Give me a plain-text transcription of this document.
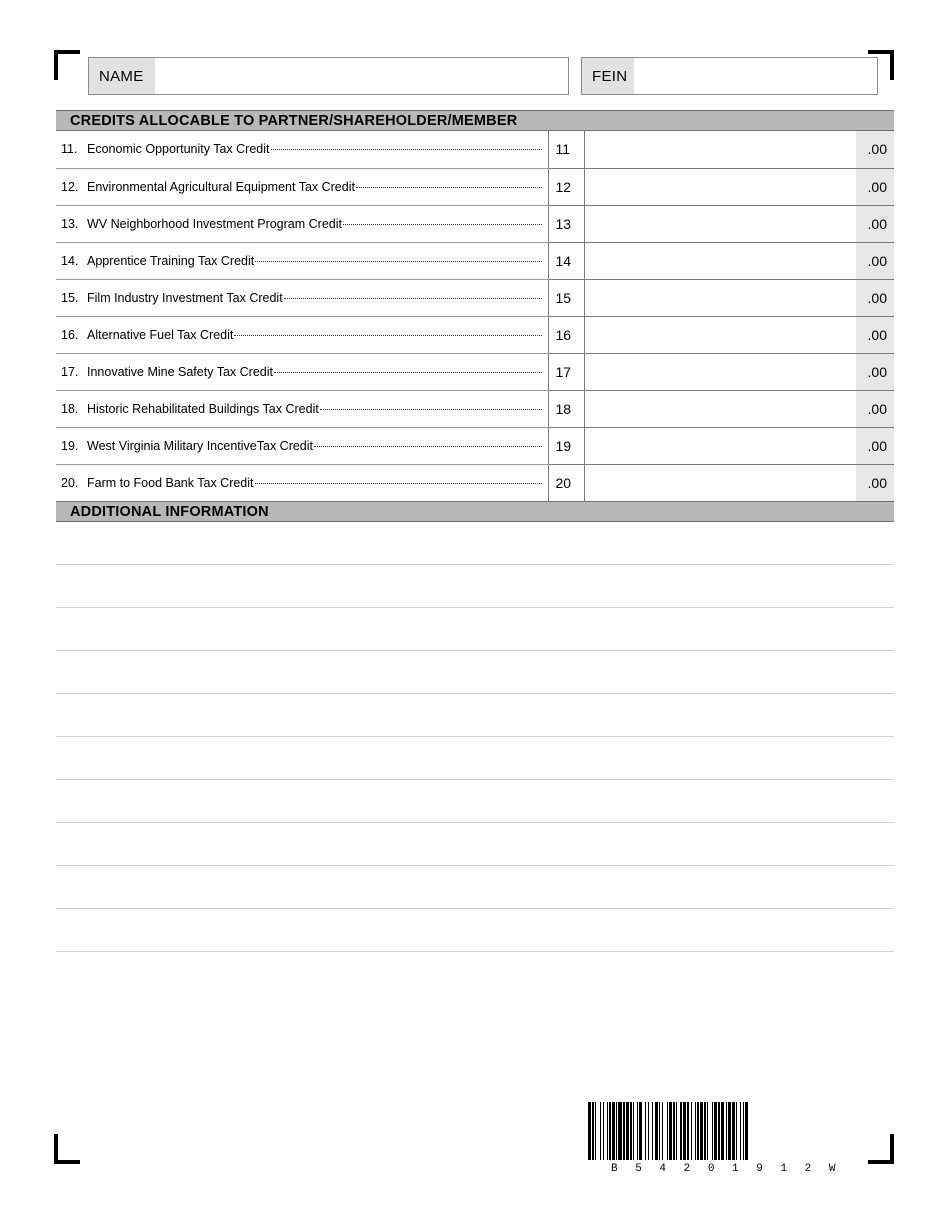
NAME	FEIN
CREDITS ALLOCABLE TO PARTNER/SHAREHOLDER/MEMBER
11. Economic Opportunity Tax Credit	11		.00

12. Environmental Agricultural Equipment Tax Credit	12		.00

13. WV Neighborhood Investment Program Credit	13		.00

14. Apprentice Training Tax Credit	14		.00

15. Film Industry Investment Tax Credit	15		.00

16. Alternative Fuel Tax Credit	16		.00

17. Innovative Mine Safety Tax Credit	17		.00

18. Historic Rehabilitated Buildings Tax Credit	18		.00

19. West Virginia Military IncentiveTax Credit	19		.00

20. Farm to Food Bank Tax Credit	20		.00
ADDITIONAL INFORMATION
B 5 4 2 0 1 9 1 2 W
